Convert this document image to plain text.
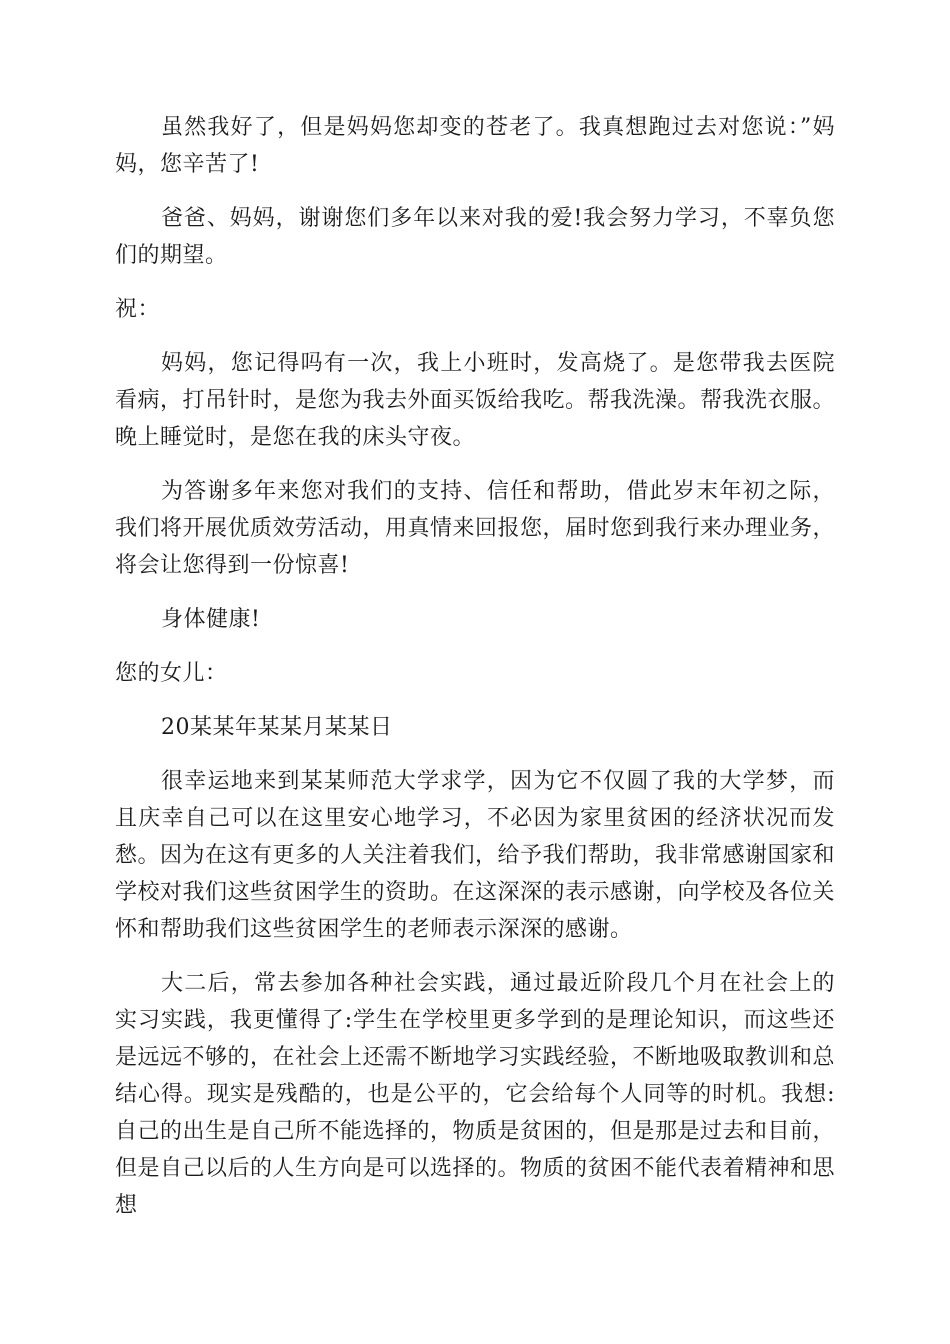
虽然我好了，但是妈妈您却变的苍老了。我真想跑过去对您说：”妈妈，您辛苦了!

爸爸、妈妈，谢谢您们多年以来对我的爱!我会努力学习，不辜负您们的期望。

祝：

妈妈，您记得吗有一次，我上小班时，发高烧了。是您带我去医院看病，打吊针时，是您为我去外面买饭给我吃。帮我洗澡。帮我洗衣服。晚上睡觉时，是您在我的床头守夜。

为答谢多年来您对我们的支持、信任和帮助，借此岁末年初之际，我们将开展优质效劳活动，用真情来回报您，届时您到我行来办理业务，将会让您得到一份惊喜!

身体健康!

您的女儿：

20某某年某某月某某日

很幸运地来到某某师范大学求学，因为它不仅圆了我的大学梦，而且庆幸自己可以在这里安心地学习，不必因为家里贫困的经济状况而发愁。因为在这有更多的人关注着我们，给予我们帮助，我非常感谢国家和学校对我们这些贫困学生的资助。在这深深的表示感谢，向学校及各位关怀和帮助我们这些贫困学生的老师表示深深的感谢。

大二后，常去参加各种社会实践，通过最近阶段几个月在社会上的实习实践，我更懂得了:学生在学校里更多学到的是理论知识，而这些还是远远不够的，在社会上还需不断地学习实践经验，不断地吸取教训和总结心得。现实是残酷的，也是公平的，它会给每个人同等的时机。我想:自己的出生是自己所不能选择的，物质是贫困的，但是那是过去和目前，但是自己以后的人生方向是可以选择的。物质的贫困不能代表着精神和思想
